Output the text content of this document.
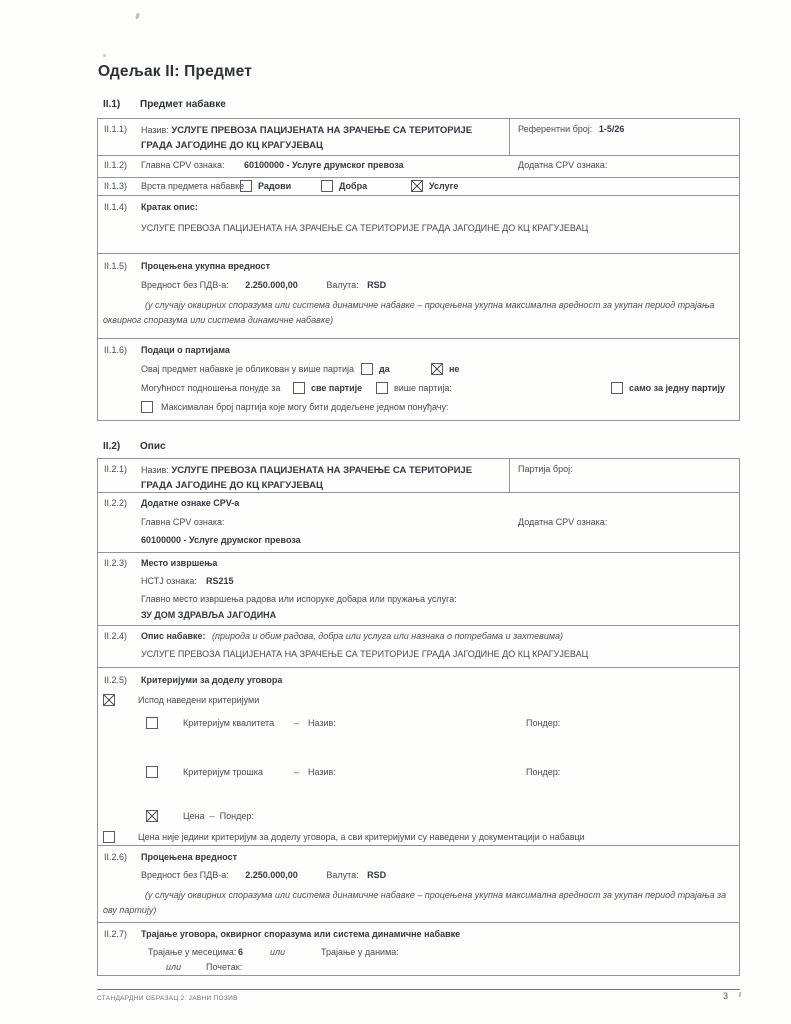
Одељак II: Предмет
II.1) Предмет набавке
II.1.1) Назив: УСЛУГЕ ПРЕВОЗА ПАЦИЈЕНАТА НА ЗРАЧЕЊЕ СА ТЕРИТОРИЈЕ ГРАДА ЈАГОДИНЕ ДО КЦ КРАГУЈЕВАЦ
Референтни број: 1-5/26
II.1.2) Главна CPV ознака: 60100000 - Услуге друмског превоза	Додатна CPV ознака:
II.1.3) Врста предмета набавке Радови	Добра	Услуге
II.1.4) Кратак опис:
УСЛУГЕ ПРЕВОЗА ПАЦИЈЕНАТА НА ЗРАЧЕЊЕ СА ТЕРИТОРИЈЕ ГРАДА ЈАГОДИНЕ ДО КЦ КРАГУЈЕВАЦ
II.1.5) Процењена укупна вредност
Вредност без ПДВ-а: 2.250.000,00	Валута: RSD
(у случају оквирних споразума или система динамичне набавке – процењена укупна максимална вредност за укупан период трајања оквирног споразума или система динамичне набавке)
II.1.6) Подаци о партијама
Овај предмет набавке је обликован у више партија	да	не
Могућност подношења понуде за	све партије	више партија:	само за једну партију
Максималан број партија које могу бити додељене једном понуђачу:
II.2) Опис
II.2.1) Назив: УСЛУГЕ ПРЕВОЗА ПАЦИЈЕНАТА НА ЗРАЧЕЊЕ СА ТЕРИТОРИЈЕ ГРАДА ЈАГОДИНЕ ДО КЦ КРАГУЈЕВАЦ
Партија број:
II.2.2) Додатне ознаке CPV-а
Главна CPV ознака:	Додатна CPV ознака:
60100000 - Услуге друмског превоза
II.2.3) Место извршења
НСТЈ ознака: RS215
Главно место извршења радова или испоруке добара или пружања услуга:
ЗУ ДОМ ЗДРАВЉА ЈАГОДИНА
II.2.4) Опис набавке: (природа и обим радова, добра или услуга или назнака о потребама и захтевима)
УСЛУГЕ ПРЕВОЗА ПАЦИЈЕНАТА НА ЗРАЧЕЊЕ СА ТЕРИТОРИЈЕ ГРАДА ЈАГОДИНЕ ДО КЦ КРАГУЈЕВАЦ
II.2.5) Критеријуми за доделу уговора
Испод наведени критеријуми
Критеријум квалитета – Назив:	Пондер:
Критеријум трошка	– Назив:	Пондер:
Цена  –  Пондер:
Цена није једини критеријум за доделу уговора, а сви критеријуми су наведени у документацији о набавци
II.2.6) Процењена вредност
Вредност без ПДВ-а: 2.250.000,00	Валута: RSD
(у случају оквирних споразума или система динамичне набавке – процењена укупна максимална вредност за укупан период трајања за ову партију)
II.2.7) Трајање уговора, оквирног споразума или система динамичне набавке
Трајање у месецима: 6	или	Трајање у данима:
или	Почетак:
СТАНДАРДНИ ОБРАЗАЦ 2: ЈАВНИ ПОЗИВ	3
